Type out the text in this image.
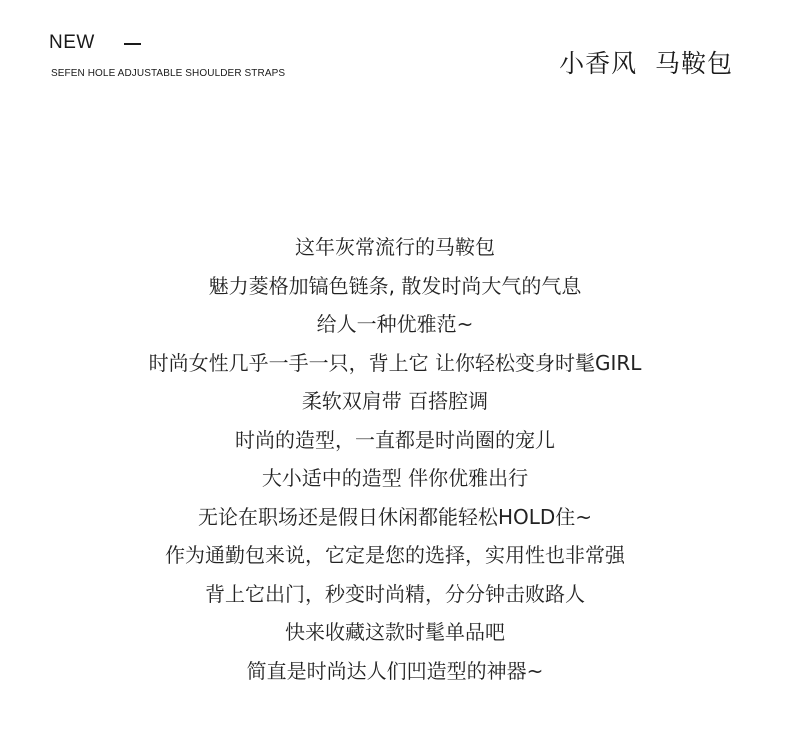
NEW
SEFEN HOLE ADJUSTABLE SHOULDER STRAPS	小香风  马鞍包
这年灰常流行的马鞍包
魅力菱格加镐色链条, 散发时尚大气的气息
给人一种优雅范~
时尚女性几乎一手一只，背上它 让你轻松变身时髦GIRL
柔软双肩带 百搭腔调
时尚的造型，一直都是时尚圈的宠儿
大小适中的造型 伴你优雅出行
无论在职场还是假日休闲都能轻松HOLD住~
作为通勤包来说，它定是您的选择，实用性也非常强
背上它出门，秒变时尚精，分分钟击败路人
快来收藏这款时髦单品吧
简直是时尚达人们凹造型的神器~
